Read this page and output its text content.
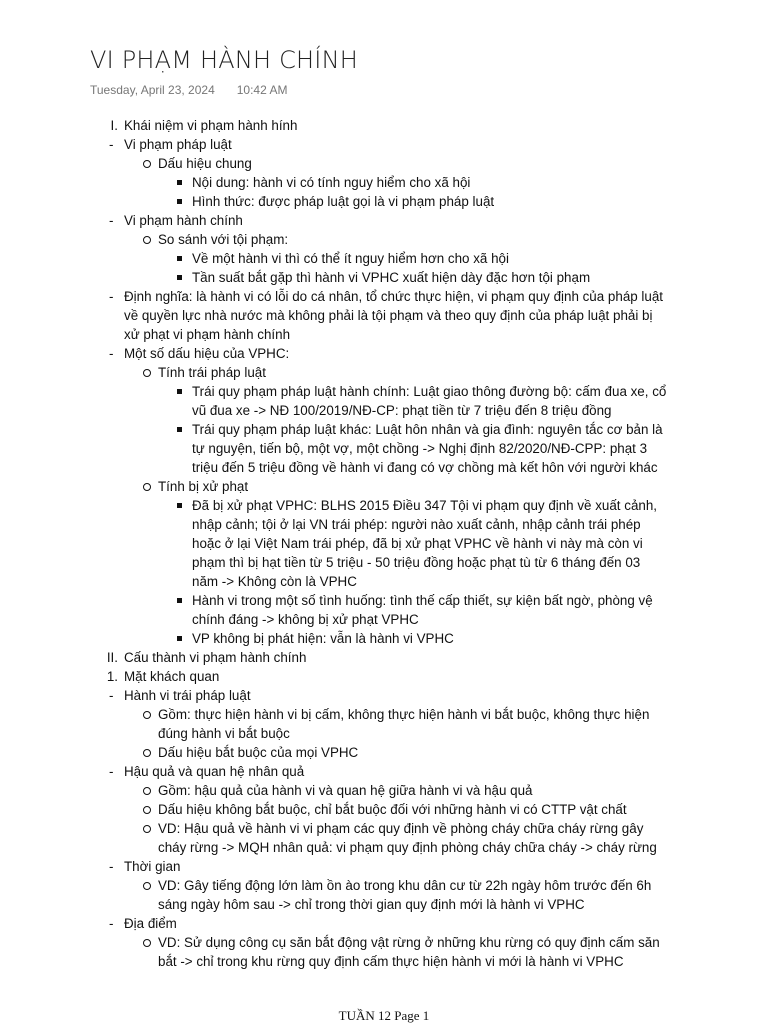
VI PHẠM HÀNH CHÍNH
Tuesday, April 23, 2024 10:42 AM
I. Khái niệm vi phạm hành hính
- Vi phạm pháp luật
Dấu hiệu chung
Nội dung: hành vi có tính nguy hiểm cho xã hội
Hình thức: được pháp luật gọi là vi phạm pháp luật
- Vi phạm hành chính
So sánh với tội phạm:
Về một hành vi thì có thể ít nguy hiểm hơn cho xã hội
Tần suất bắt gặp thì hành vi VPHC xuất hiện dày đặc hơn tội phạm
- Định nghĩa: là hành vi có lỗi do cá nhân, tổ chức thực hiện, vi phạm quy định của pháp luật
về quyền lực nhà nước mà không phải là tội phạm và theo quy định của pháp luật phải bị
xử phạt vi phạm hành chính
- Một số dấu hiệu của VPHC:
Tính trái pháp luật
Trái quy phạm pháp luật hành chính: Luật giao thông đường bộ: cấm đua xe, cổ
vũ đua xe -> NĐ 100/2019/NĐ-CP: phạt tiền từ 7 triệu đến 8 triệu đồng
Trái quy phạm pháp luật khác: Luật hôn nhân và gia đình: nguyên tắc cơ bản là
tự nguyện, tiến bộ, một vợ, một chồng -> Nghị định 82/2020/NĐ-CPP: phạt 3
triệu đến 5 triệu đồng về hành vi đang có vợ chồng mà kết hôn với người khác
Tính bị xử phạt
Đã bị xử phạt VPHC: BLHS 2015 Điều 347 Tội vi phạm quy định về xuất cảnh,
nhập cảnh; tội ở lại VN trái phép: người nào xuất cảnh, nhập cảnh trái phép
hoặc ở lại Việt Nam trái phép, đã bị xử phạt VPHC về hành vi này mà còn vi
phạm thì bị hạt tiền từ 5 triệu - 50 triệu đồng hoặc phạt tù từ 6 tháng đến 03
năm -> Không còn là VPHC
Hành vi trong một số tình huống: tình thế cấp thiết, sự kiện bất ngờ, phòng vệ
chính đáng -> không bị xử phạt VPHC
VP không bị phát hiện: vẫn là hành vi VPHC
II. Cấu thành vi phạm hành chính
1. Mặt khách quan
- Hành vi trái pháp luật
Gồm: thực hiện hành vi bị cấm, không thực hiện hành vi bắt buộc, không thực hiện
đúng hành vi bắt buộc
Dấu hiệu bắt buộc của mọi VPHC
- Hậu quả và quan hệ nhân quả
Gồm: hậu quả của hành vi và quan hệ giữa hành vi và hậu quả
Dấu hiệu không bắt buộc, chỉ bắt buộc đối với những hành vi có CTTP vật chất
VD: Hậu quả về hành vi vi phạm các quy định về phòng cháy chữa cháy rừng gây
cháy rừng -> MQH nhân quả: vi phạm quy định phòng cháy chữa cháy -> cháy rừng
- Thời gian
VD: Gây tiếng động lớn làm ồn ào trong khu dân cư từ 22h ngày hôm trước đến 6h
sáng ngày hôm sau -> chỉ trong thời gian quy định mới là hành vi VPHC
- Địa điểm
VD: Sử dụng công cụ săn bắt động vật rừng ở những khu rừng có quy định cấm săn
bắt -> chỉ trong khu rừng quy định cấm thực hiện hành vi mới là hành vi VPHC
TUẦN 12 Page 1
